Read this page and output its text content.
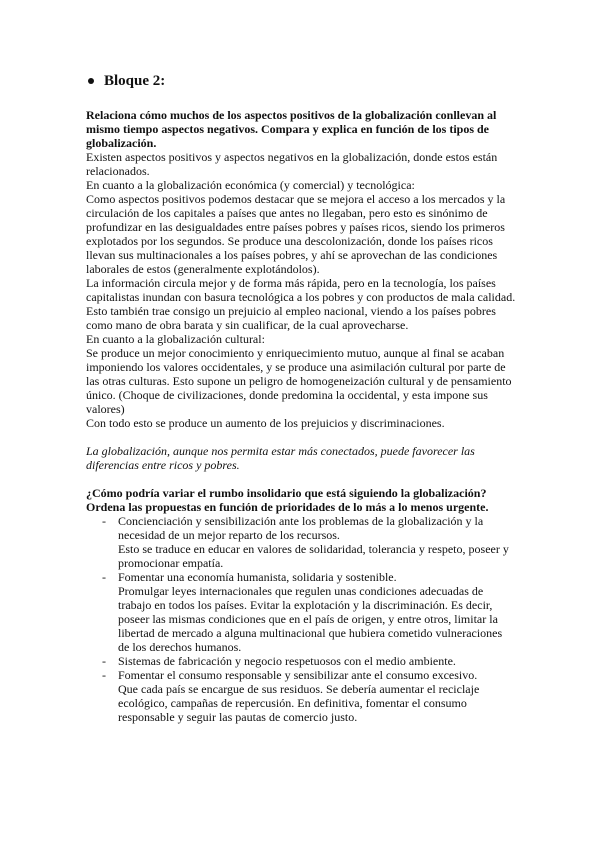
Bloque 2:
Relaciona cómo muchos de los aspectos positivos de la globalización conllevan al mismo tiempo aspectos negativos. Compara y explica en función de los tipos de globalización.

Existen aspectos positivos y aspectos negativos en la globalización, donde estos están relacionados.

En cuanto a la globalización económica (y comercial) y tecnológica:

Como aspectos positivos podemos destacar que se mejora el acceso a los mercados y la circulación de los capitales a países que antes no llegaban, pero esto es sinónimo de profundizar en las desigualdades entre países pobres y países ricos, siendo los primeros explotados por los segundos. Se produce una descolonización, donde los países ricos llevan sus multinacionales a los países pobres, y ahí se aprovechan de las condiciones laborales de estos (generalmente explotándolos).

La información circula mejor y de forma más rápida, pero en la tecnología, los países capitalistas inundan con basura tecnológica a los pobres y con productos de mala calidad.

Esto también trae consigo un prejuicio al empleo nacional, viendo a los países pobres como mano de obra barata y sin cualificar, de la cual aprovecharse.

En cuanto a la globalización cultural:

Se produce un mejor conocimiento y enriquecimiento mutuo, aunque al final se acaban imponiendo los valores occidentales, y se produce una asimilación cultural por parte de las otras culturas. Esto supone un peligro de homogeneización cultural y de pensamiento único. (Choque de civilizaciones, donde predomina la occidental, y esta impone sus valores)

Con todo esto se produce un aumento de los prejuicios y discriminaciones.

La globalización, aunque nos permita estar más conectados, puede favorecer las diferencias entre ricos y pobres.

¿Cómo podría variar el rumbo insolidario que está siguiendo la globalización? Ordena las propuestas en función de prioridades de lo más a lo menos urgente.
- Concienciación y sensibilización ante los problemas de la globalización y la necesidad de un mejor reparto de los recursos.
Esto se traduce en educar en valores de solidaridad, tolerancia y respeto, poseer y promocionar empatía.
- Fomentar una economía humanista, solidaria y sostenible.
Promulgar leyes internacionales que regulen unas condiciones adecuadas de trabajo en todos los países. Evitar la explotación y la discriminación. Es decir, poseer las mismas condiciones que en el país de origen, y entre otros, limitar la libertad de mercado a alguna multinacional que hubiera cometido vulneraciones de los derechos humanos.
- Sistemas de fabricación y negocio respetuosos con el medio ambiente.
- Fomentar el consumo responsable y sensibilizar ante el consumo excesivo.
Que cada país se encargue de sus residuos. Se debería aumentar el reciclaje ecológico, campañas de repercusión. En definitiva, fomentar el consumo responsable y seguir las pautas de comercio justo.
